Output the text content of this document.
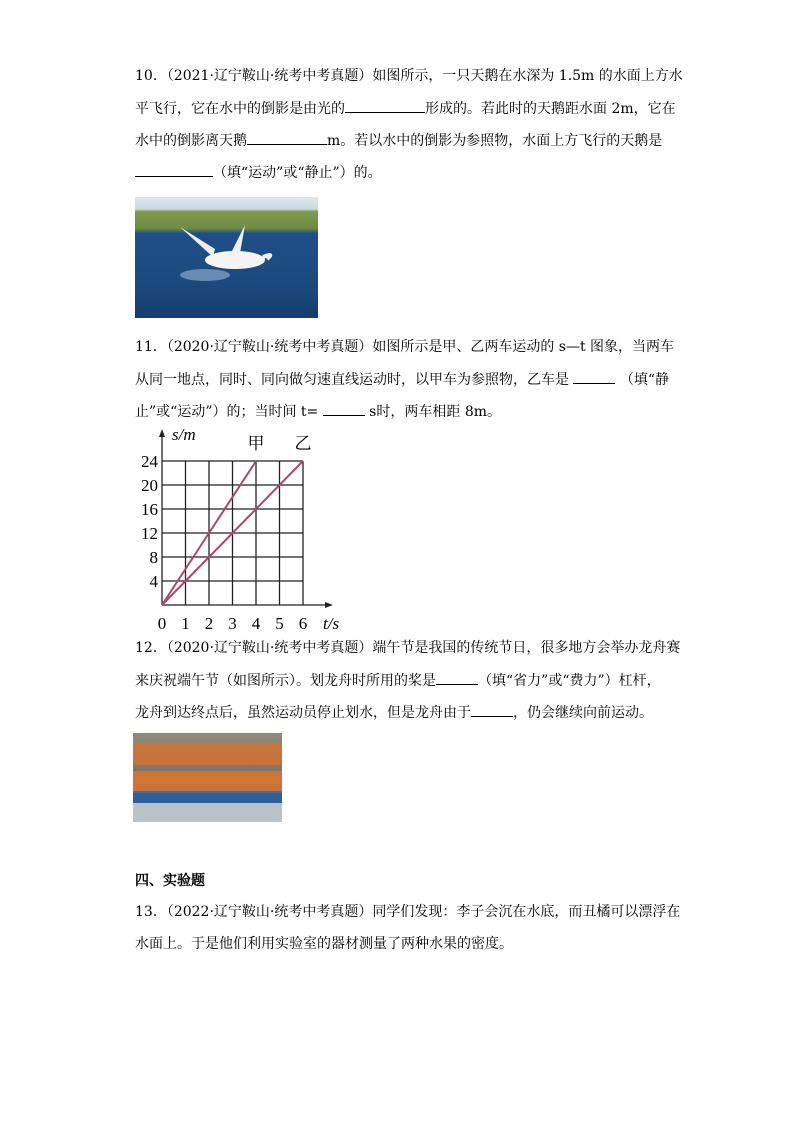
10．（2021·辽宁鞍山·统考中考真题）如图所示，一只天鹅在水深为 1.5m 的水面上方水
平飞行，它在水中的倒影是由光的	形成的。若此时的天鹅距水面 2m，它在
水中的倒影离天鹅	m。若以水中的倒影为参照物，水面上方飞行的天鹅是
（填“运动”或“静止”）的。
11．（2020·辽宁鞍山·统考中考真题）如图所示是甲、乙两车运动的 s—t 图象，当两车
从同一地点，同时、同向做匀速直线运动时，以甲车为参照物，乙车是	（填“静
止”或“运动”）的；当时间 t=	s时，两车相距 8m。
0 1 2 3 4 5 6
4
8
12
16
20
24
s/m
t/s
甲 乙
12．（2020·辽宁鞍山·统考中考真题）端午节是我国的传统节日，很多地方会举办龙舟赛
来庆祝端午节（如图所示）。划龙舟时所用的桨是	（填“省力”或“费力”）杠杆，
龙舟到达终点后，虽然运动员停止划水，但是龙舟由于	，仍会继续向前运动。
四、实验题
13．（2022·辽宁鞍山·统考中考真题）同学们发现：李子会沉在水底，而丑橘可以漂浮在
水面上。于是他们利用实验室的器材测量了两种水果的密度。
